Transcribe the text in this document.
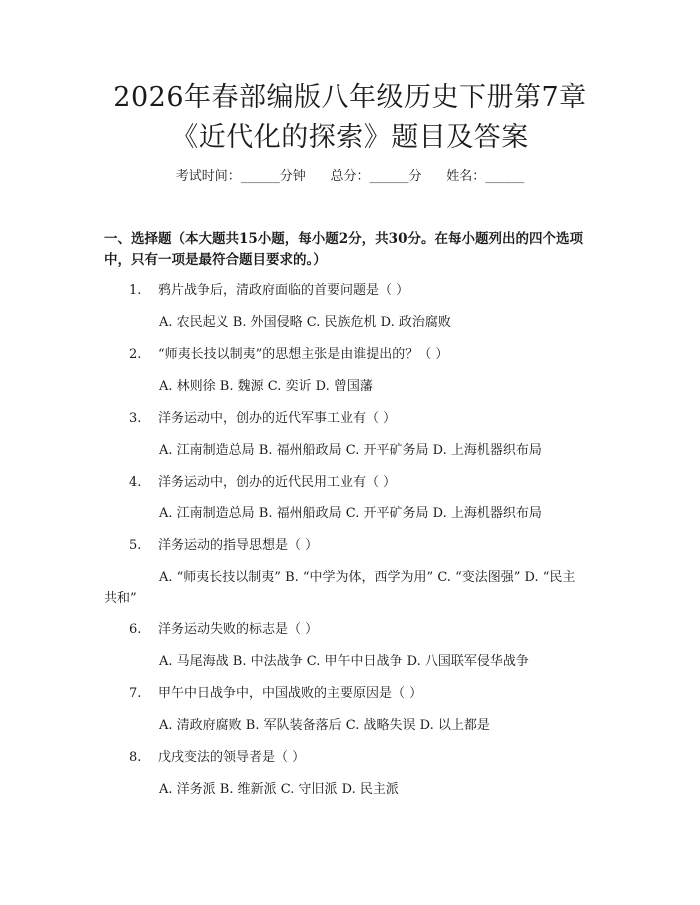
2026年春部编版八年级历史下册第7章《近代化的探索》题目及答案
考试时间：______分钟      总分：______分      姓名：______
一、选择题（本大题共15小题，每小题2分，共30分。在每小题列出的四个选项中，只有一项是最符合题目要求的。）
1. 鸦片战争后，清政府面临的首要问题是（ ）
A. 农民起义 B. 外国侵略 C. 民族危机 D. 政治腐败
2. “师夷长技以制夷”的思想主张是由谁提出的？（ ）
A. 林则徐 B. 魏源 C. 奕䜣 D. 曾国藩
3. 洋务运动中，创办的近代军事工业有（ ）
A. 江南制造总局 B. 福州船政局 C. 开平矿务局 D. 上海机器织布局
4. 洋务运动中，创办的近代民用工业有（ ）
A. 江南制造总局 B. 福州船政局 C. 开平矿务局 D. 上海机器织布局
5. 洋务运动的指导思想是（ ）
A. “师夷长技以制夷” B. “中学为体，西学为用” C. “变法图强” D. “民主共和”
6. 洋务运动失败的标志是（ ）
A. 马尾海战 B. 中法战争 C. 甲午中日战争 D. 八国联军侵华战争
7. 甲午中日战争中，中国战败的主要原因是（ ）
A. 清政府腐败 B. 军队装备落后 C. 战略失误 D. 以上都是
8. 戊戌变法的领导者是（ ）
A. 洋务派 B. 维新派 C. 守旧派 D. 民主派
